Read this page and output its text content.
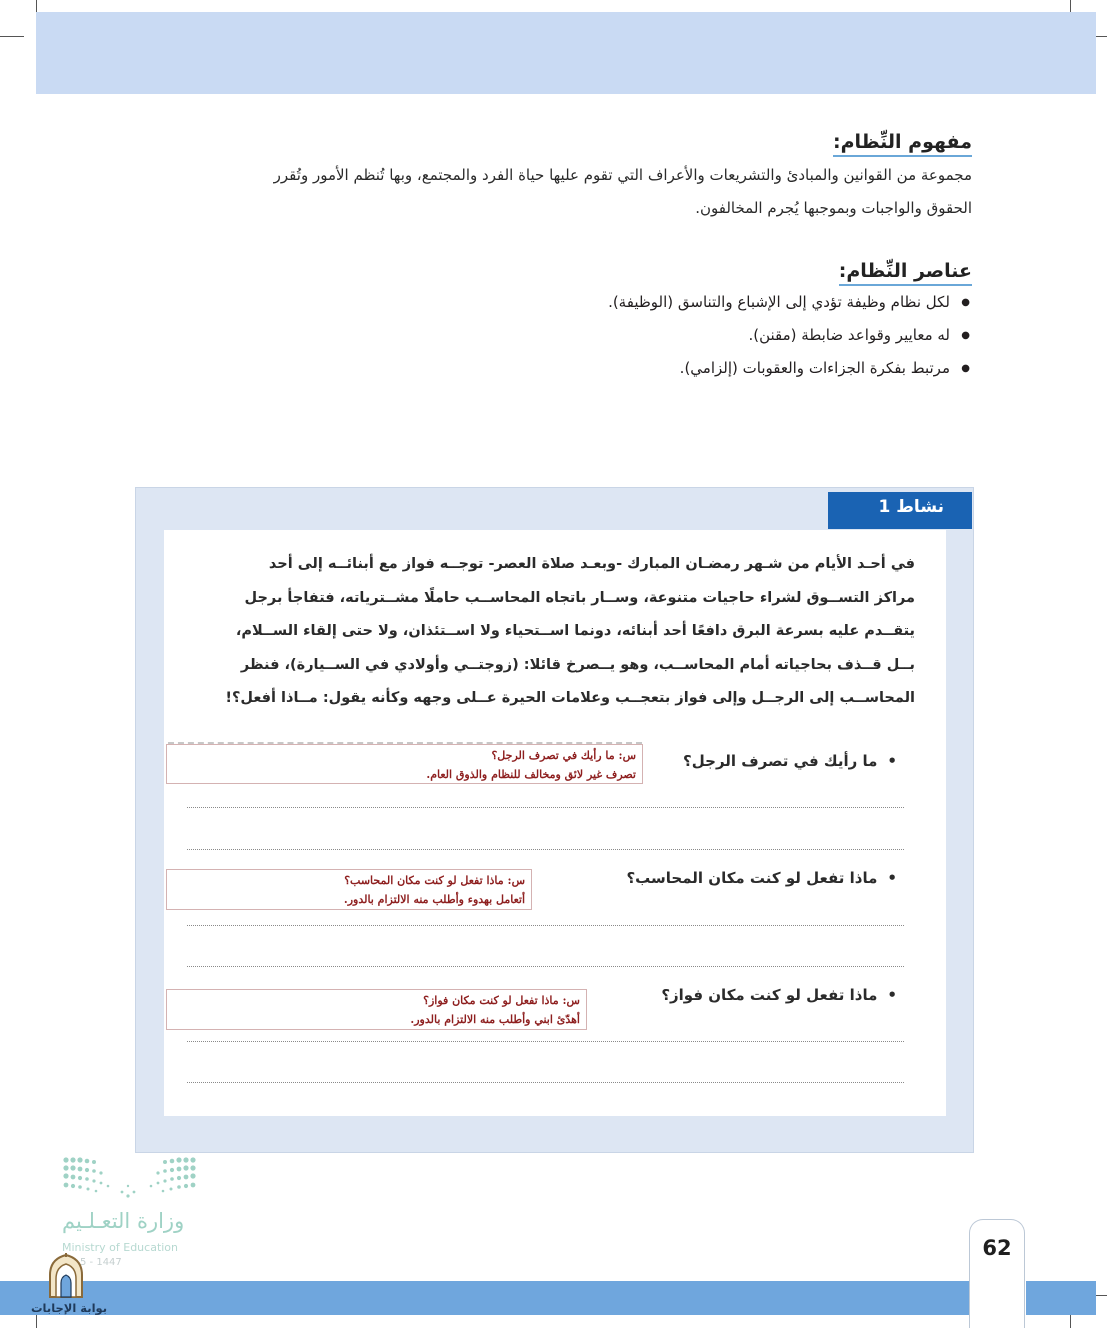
مفهوم النِّظام:
مجموعة من القوانين والمبادئ والتشريعات والأعراف التي تقوم عليها حياة الفرد والمجتمع، وبها تُنظم الأمور وتُقرر
الحقوق والواجبات وبموجبها يُجرم المخالفون.
عناصر النِّظام:
● لكل نظام وظيفة تؤدي إلى الإشباع والتناسق (الوظيفة).
● له معايير وقواعد ضابطة (مقنن).
● مرتبط بفكرة الجزاءات والعقوبات (إلزامي).
نشاط 1
في أحـد الأيام من شـهر رمضـان المبارك -وبعـد صلاة العصر- توجــه فواز مع أبنائــه إلى أحد
مراكز التســوق لشراء حاجيات متنوعة، وســار باتجاه المحاســب حاملًا مشــترياته، فتفاجأ برجل
يتقــدم عليه بسرعة البرق دافعًا أحد أبنائه، دونما اســتحياء ولا اســتئذان، ولا حتى إلقاء الســلام،
بــل قــذف بحاجياته أمام المحاســب، وهو يــصرخ قائلا: (زوجتــي وأولادي في الســيارة)، فنظر
المحاســب إلى الرجــل وإلى فواز بتعجــب وعلامات الحيرة عــلى وجهه وكأنه يقول: مــاذا أفعل؟!
• ما رأيك في تصرف الرجل؟
س: ما رأيك في تصرف الرجل؟
تصرف غير لائق ومخالف للنظام والذوق العام.
• ماذا تفعل لو كنت مكان المحاسب؟
س: ماذا تفعل لو كنت مكان المحاسب؟
أتعامل بهدوء وأطلب منه الالتزام بالدور.
• ماذا تفعل لو كنت مكان فواز؟
س: ماذا تفعل لو كنت مكان فواز؟
أهدّئ ابني وأطلب منه الالتزام بالدور.
وزارة التعـلـيم
Ministry of Education
5 - 1447
62
بوابة الإجابات
